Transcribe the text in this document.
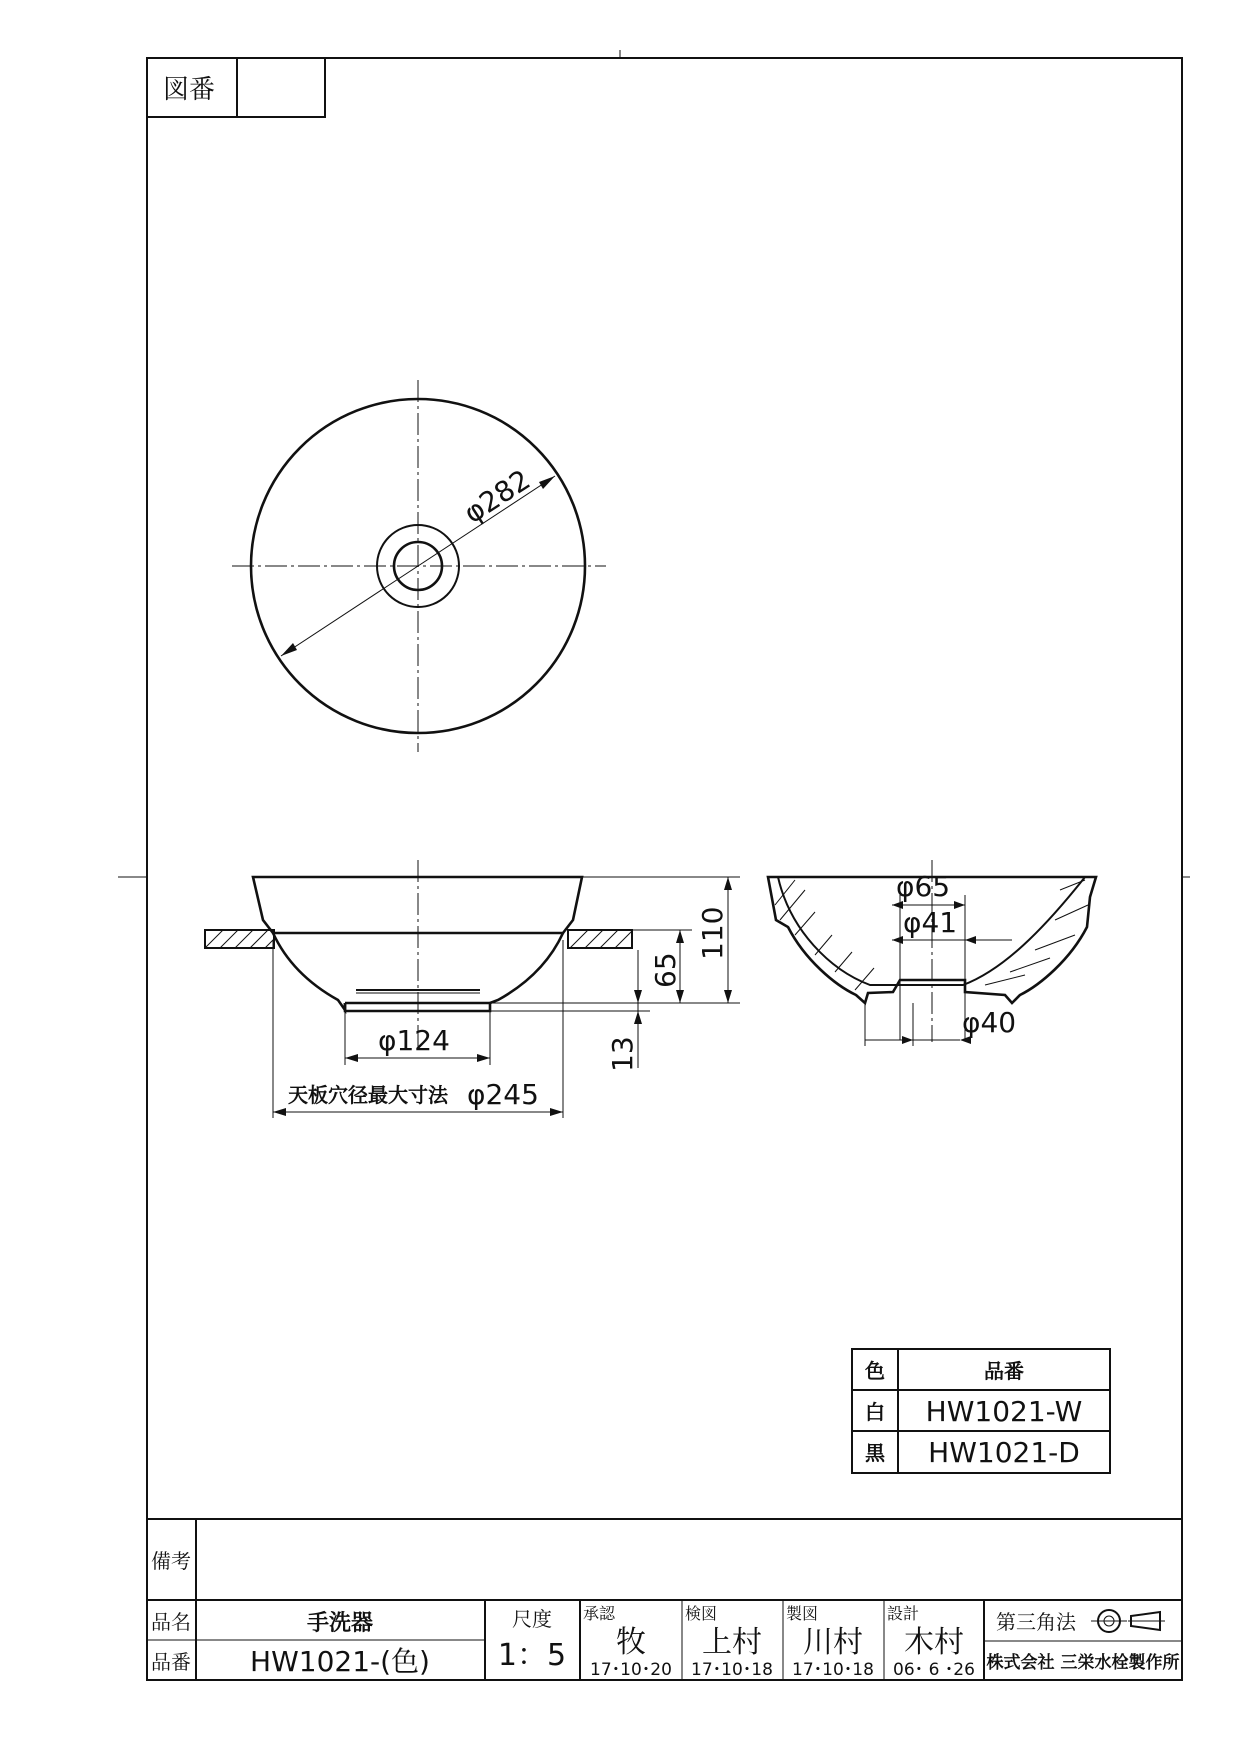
図番
φ282
φ124
天板穴径最大寸法 φ245
110
65
13
φ65
φ41
φ40
色	品番
白 HW1021-W
黒 HW1021-D
備考
品名	手洗器
品番 HW1021-(色)
尺度
1：5
承認
牧
17･10･20
検図
上村
17･10･18
製図
川村
17･10･18
設計
木村
06･ 6 ･26
第三角法
株式会社 三栄水栓製作所
